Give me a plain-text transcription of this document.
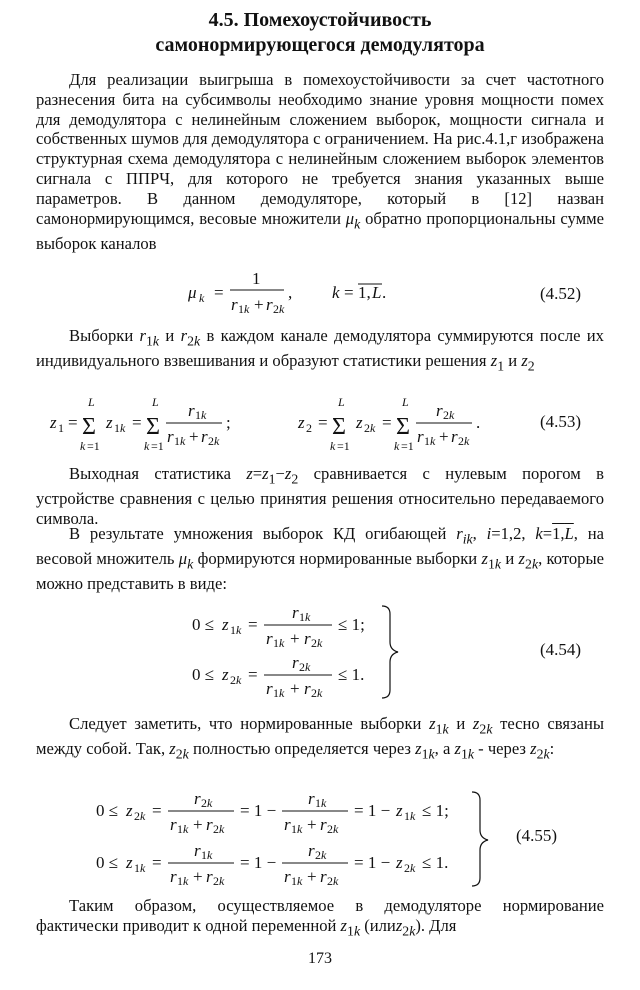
4.5. Помехоустойчивость
самонормирующегося демодулятора
Для реализации выигрыша в помехоустойчивости за счет частотного разнесения бита на субсимволы необходимо знание уровня мощности помех для демодулятора с нелинейным сложением выборок, мощности сигнала и собственных шумов для демодулятора с ограничением. На рис.4.1,г изображена структурная схема демодулятора с нелинейным сложением выборок элементов сигнала с ППРЧ, для которого не требуется знания указанных выше параметров. В данном демодуляторе, который в [12] назван самонормирующимся, весовые множители $\mu_k$ обратно пропорциональны сумме выборок каналов
μ k =
1
r 1 k + r 2 k
, k = 1, L .	(4.52)
Выборки $r_{1k}$ и $r_{2k}$ в каждом канале демодулятора суммируются после их индивидуального взвешивания и образуют статистики решения $z_1$ и $z_2$
z 1 =
L
Σ
k =1
z 1 k =
L
Σ
k =1
r 1 k
r 1 k + r 2 k
;	z 2 =
L
Σ
k =1
z 2 k =
L
Σ
k =1
r 2 k
r 1 k + r 2 k
.	(4.53)
Выходная статистика $z=z_1-z_2$ сравнивается с нулевым порогом в устройстве сравнения с целью принятия решения относительно передаваемого символа.
В результате умножения выборок КД огибающей $r_{ik}$, i=1,2, k=1,L, на весовой множитель $\mu_k$ формируются нормированные выборки $z_{1k}$ и $z_{2k}$, которые можно представить в виде:
0 ≤ z 1 k =
r 1 k
r 1 k + r 2 k
≤ 1;
0 ≤ z 2 k =
r 2 k
r 1 k + r 2 k
≤ 1.
(4.54)
Следует заметить, что нормированные выборки $z_{1k}$ и $z_{2k}$ тесно связаны между собой. Так, $z_{2k}$ полностью определяется через $z_{1k}$, а $z_{1k}$ - через $z_{2k}$:
0 ≤ z 2 k =
r 2 k
r 1 k + r 2 k
= 1 −
r 1 k
r 1 k + r 2 k
= 1 − z 1 k ≤ 1;
0 ≤ z 1 k =
r 1 k
r 1 k + r 2 k
= 1 −
r 2 k
r 1 k + r 2 k
= 1 − z 2 k ≤ 1.
(4.55)
Таким образом, осуществляемое в демодуляторе нормирование фактически приводит к одной переменной $z_{1k}$ (илиz$_{2k}$). Для
173
